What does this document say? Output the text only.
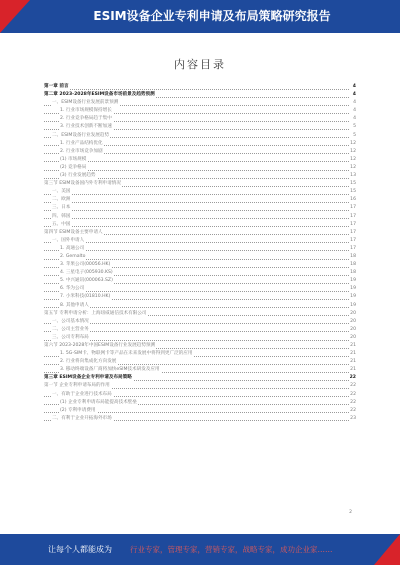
ESIM设备企业专利申请及布局策略研究报告
内容目录
第一章 前言	4
第二章 2023-2028年ESIM设备市场前景及趋势预测	4
一、ESIM设备行业发展前景预测	4
1. 行业市场规模保持增长	4
2. 行业竞争格局趋于集中	4
3. 行业技术创新不断加速	5
二、ESIM设备行业发展趋势	5
1. 行业产品结构优化	12
2. 行业市场竞争加剧	12
(1) 市场规模	12
(2) 竞争格局	12
(3) 行业发展趋势	13
第三节 ESIM设备国内外专利申请情况	15
一、美国	15
二、欧洲	16
三、日本	17
四、韩国	17
五、中国	17
第四节 ESIM设备主要申请人	17
一、国外申请人	17
1. 高通公司	17
2. Gemalto	18
3. 苹果公司(00056.HK)	18
4. 三星电子(005930.KS)	18
5. 中兴通讯(000063.SZ)	19
6. 华为公司	19
7. 小米科技(01810.HK)	19
8. 其他申请人	19
第五节 专利申请分析：上海纽威通信技术有限公司	20
一、公司基本情况	20
二、公司主营业务	20
三、公司专利布局	20
第六节 2023-2028年中国ESIM设备行业发展趋势预测	21
1. 5G-SIM卡、物联网卡等产品在未来发展中将得到更广泛的应用	21
2. 行业将向集成化方向发展	21
3. 移动终端设备厂商将加快eSIM技术研发及应用	21
第三章 ESIM设备企业专利申请及布局策略	22
第一节 企业专利申请布局的作用	22
一、有助于企业进行技术布局	22
(1) 企业专利申请布局能提高技术壁垒	22
(2) 专利申请费用	22
二、有利于企业开拓海外市场	23
2
让每个人都能成为 行业专家，管理专家，营销专家，战略专家，成功企业家……
